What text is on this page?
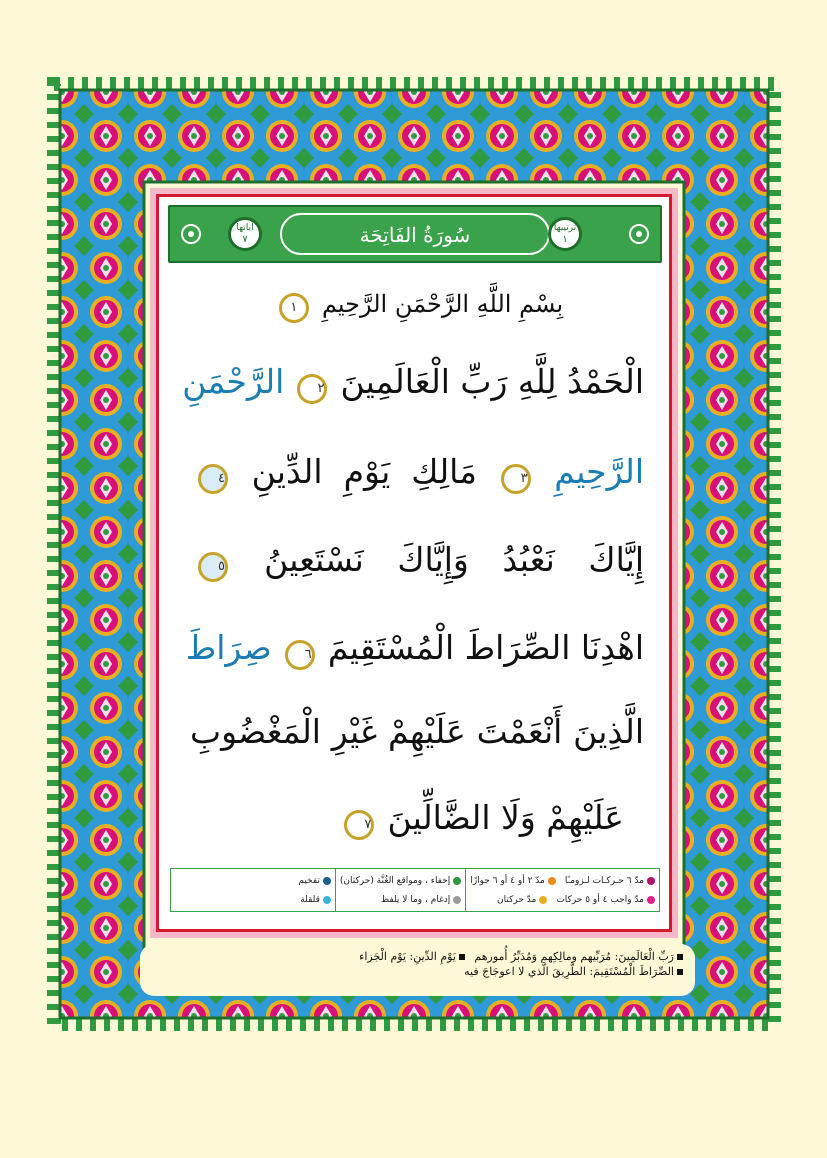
آياتها
٧	سُورَةُ الفَاتِحَة	ترتيبها
١
بِسْمِ اللَّهِ الرَّحْمَنِ الرَّحِيمِ ١
الْحَمْدُ لِلَّهِ رَبِّ الْعَالَمِينَ ٢ الرَّحْمَنِ
الرَّحِيمِ ٣ مَالِكِ يَوْمِ الدِّينِ ٤
إِيَّاكَ نَعْبُدُ وَإِيَّاكَ نَسْتَعِينُ ٥
اهْدِنَا الصِّرَاطَ الْمُسْتَقِيمَ ٦ صِرَاطَ
الَّذِينَ أَنْعَمْتَ عَلَيْهِمْ غَيْرِ الْمَغْضُوبِ
عَلَيْهِمْ وَلَا الضَّالِّينَ ٧
مدّ ٦ حـركـات لـزومـًا
مدّ ٢ أو ٤ أو ٦ جوازًا
مدّ واجب ٤ أو ٥ حركات
مدّ حركتان
إخفاء ، ومواقع الغُنَّة (حركتان)
إدغام ، وما لا يلفظ
تفخيم
قلقلة
رَبِّ الْعَالَمِينَ: مُرَبِّيهم ومالِكِهم وَمُدَبِّرُ أُمورهم يَوْمِ الدِّينِ: يَوْم الْجَزاء
الصِّرَاطَ الْمُسْتَقِيمَ: الطَّرِيقَ الَّذي لا اعوجَاجَ فيه
